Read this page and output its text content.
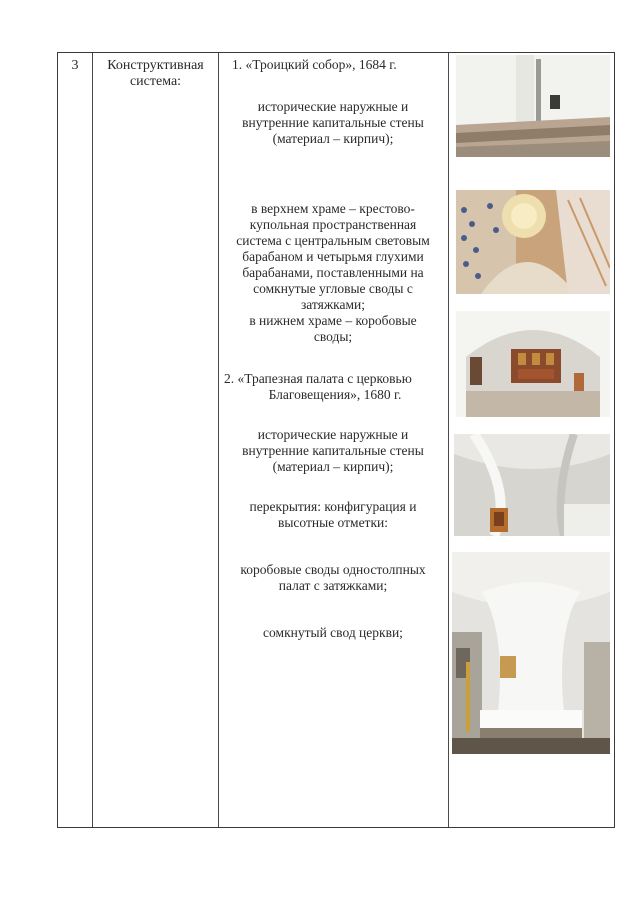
3	Конструктивная
система:
1. «Троицкий собор», 1684 г.
исторические наружные и
внутренние капитальные стены
(материал – кирпич);
в верхнем храме – крестово-
купольная пространственная
система с центральным световым
барабаном и четырьмя глухими
барабанами, поставленными на
сомкнутые угловые своды с
затяжками;
в нижнем храме – коробовые
своды;
2. «Трапезная палата с церковью
Благовещения», 1680 г.
исторические наружные и
внутренние капитальные стены
(материал – кирпич);
перекрытия: конфигурация и
высотные отметки:
коробовые своды одностолпных
палат с затяжками;
сомкнутый свод церкви;
